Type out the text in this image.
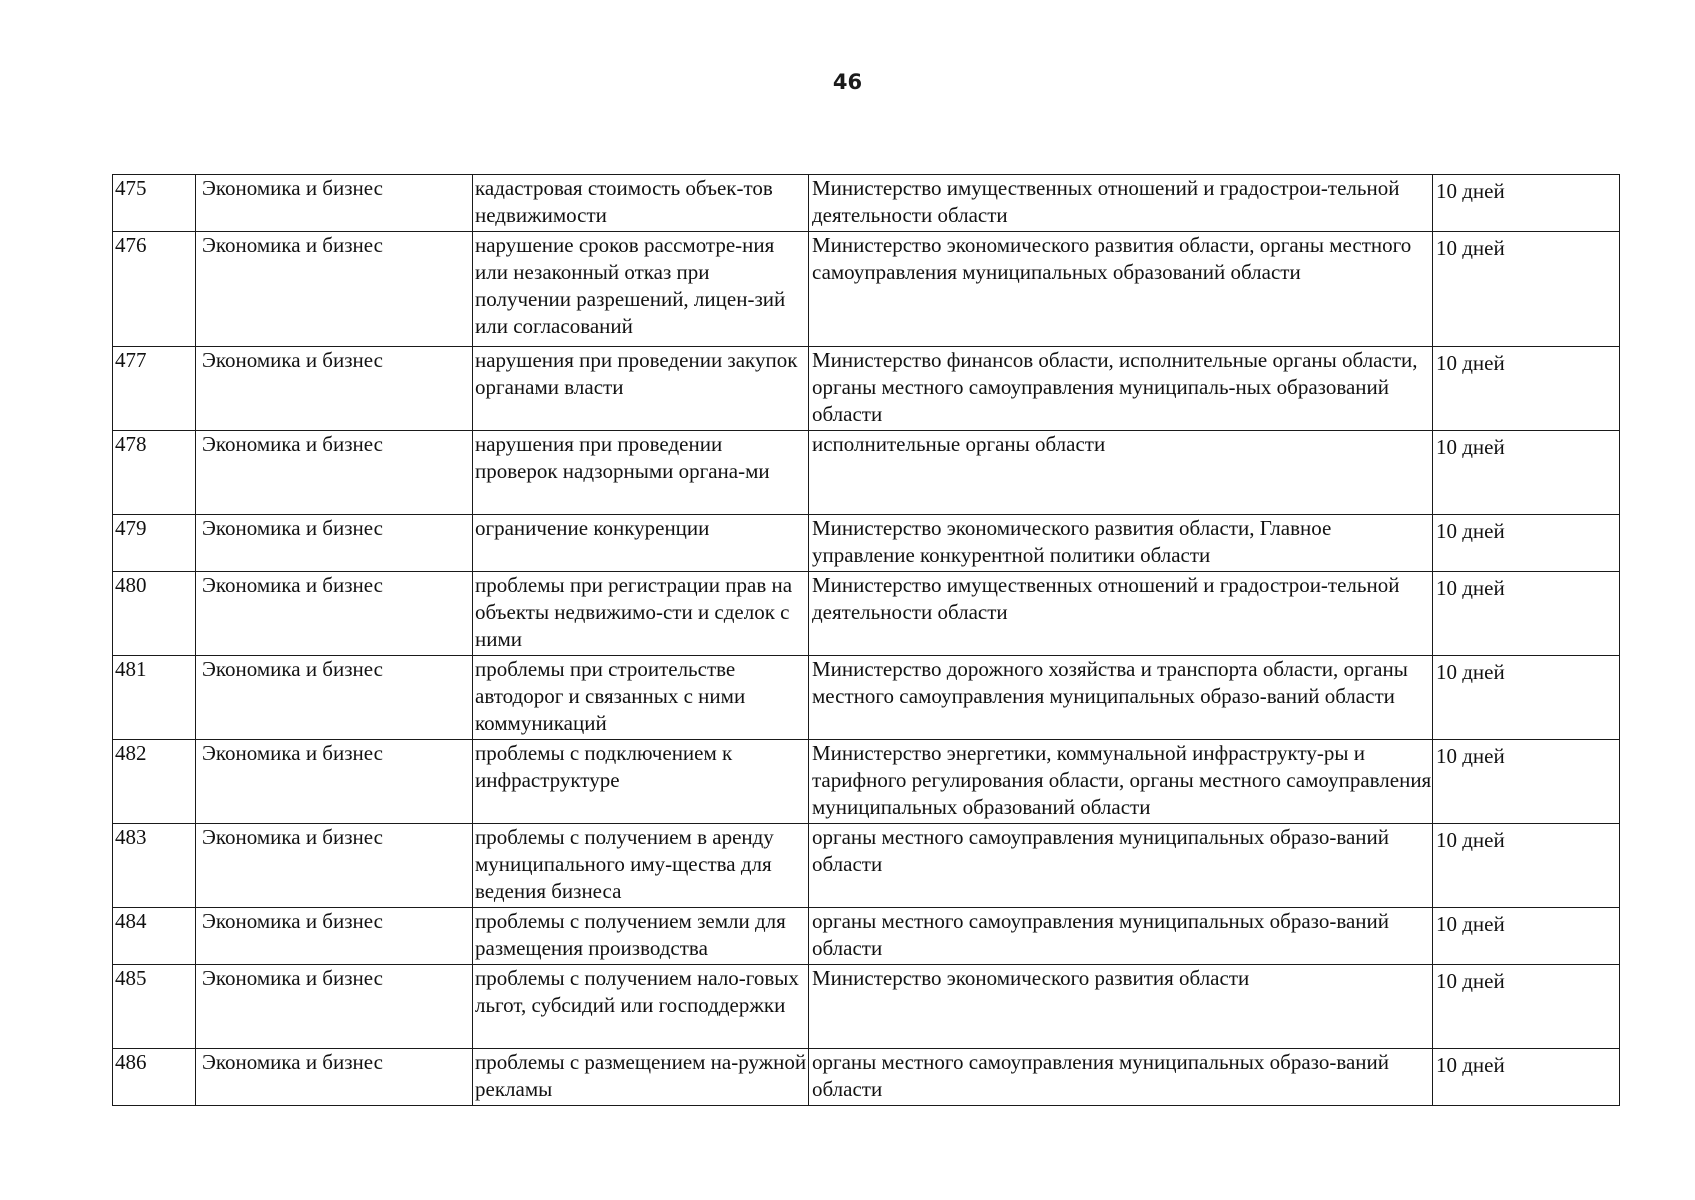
46
475	Экономика и бизнес	кадастровая стоимость объек-тов недвижимости	Министерство имущественных отношений и градострои-тельной деятельности области	10 дней
476	Экономика и бизнес	нарушение сроков рассмотре-ния или незаконный отказ при получении разрешений, лицен-зий или согласований	Министерство экономического развития области, органы местного самоуправления муниципальных образований области	10 дней
477	Экономика и бизнес	нарушения при проведении закупок органами власти	Министерство финансов области, исполнительные органы области, органы местного самоуправления муниципаль-ных образований области	10 дней
478	Экономика и бизнес	нарушения при проведении проверок надзорными органа-ми	исполнительные органы области	10 дней
479	Экономика и бизнес	ограничение конкуренции	Министерство экономического развития области, Главное управление конкурентной политики области	10 дней
480	Экономика и бизнес	проблемы при регистрации прав на объекты недвижимо-сти и сделок с ними	Министерство имущественных отношений и градострои-тельной деятельности области	10 дней
481	Экономика и бизнес	проблемы при строительстве автодорог и связанных с ними коммуникаций	Министерство дорожного хозяйства и транспорта области, органы местного самоуправления муниципальных образо-ваний области	10 дней
482	Экономика и бизнес	проблемы с подключением к инфраструктуре	Министерство энергетики, коммунальной инфраструкту-ры и тарифного регулирования области, органы местного самоуправления муниципальных образований области	10 дней
483	Экономика и бизнес	проблемы с получением в аренду муниципального иму-щества для ведения бизнеса	органы местного самоуправления муниципальных образо-ваний области	10 дней
484	Экономика и бизнес	проблемы с получением земли для размещения производства	органы местного самоуправления муниципальных образо-ваний области	10 дней
485	Экономика и бизнес	проблемы с получением нало-говых льгот, субсидий или господдержки	Министерство экономического развития области	10 дней
486	Экономика и бизнес	проблемы с размещением на-ружной рекламы	органы местного самоуправления муниципальных образо-ваний области	10 дней
